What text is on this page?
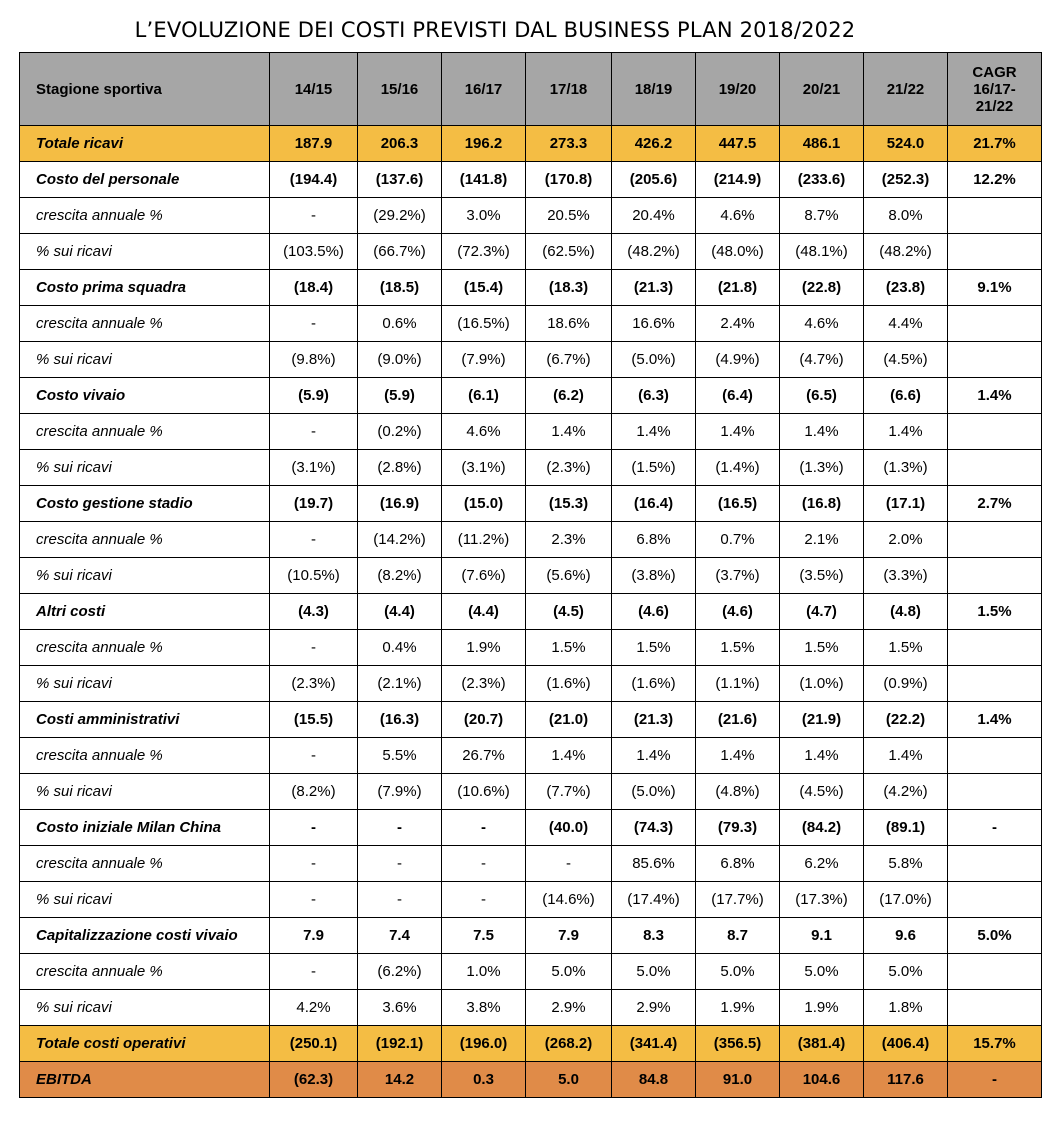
L’EVOLUZIONE DEI COSTI PREVISTI DAL BUSINESS PLAN 2018/2022
Stagione sportiva	14/15	15/16	16/17	17/18	18/19	19/20	20/21	21/22	CAGR
16/17-
21/22
Totale ricavi	187.9	206.3	196.2	273.3	426.2	447.5	486.1	524.0	21.7%
Costo del personale	(194.4)	(137.6)	(141.8)	(170.8)	(205.6)	(214.9)	(233.6)	(252.3)	12.2%
crescita annuale %	-	(29.2%)	3.0%	20.5%	20.4%	4.6%	8.7%	8.0%	
% sui ricavi	(103.5%)	(66.7%)	(72.3%)	(62.5%)	(48.2%)	(48.0%)	(48.1%)	(48.2%)	
Costo prima squadra	(18.4)	(18.5)	(15.4)	(18.3)	(21.3)	(21.8)	(22.8)	(23.8)	9.1%
crescita annuale %	-	0.6%	(16.5%)	18.6%	16.6%	2.4%	4.6%	4.4%	
% sui ricavi	(9.8%)	(9.0%)	(7.9%)	(6.7%)	(5.0%)	(4.9%)	(4.7%)	(4.5%)	
Costo vivaio	(5.9)	(5.9)	(6.1)	(6.2)	(6.3)	(6.4)	(6.5)	(6.6)	1.4%
crescita annuale %	-	(0.2%)	4.6%	1.4%	1.4%	1.4%	1.4%	1.4%	
% sui ricavi	(3.1%)	(2.8%)	(3.1%)	(2.3%)	(1.5%)	(1.4%)	(1.3%)	(1.3%)	
Costo gestione stadio	(19.7)	(16.9)	(15.0)	(15.3)	(16.4)	(16.5)	(16.8)	(17.1)	2.7%
crescita annuale %	-	(14.2%)	(11.2%)	2.3%	6.8%	0.7%	2.1%	2.0%	
% sui ricavi	(10.5%)	(8.2%)	(7.6%)	(5.6%)	(3.8%)	(3.7%)	(3.5%)	(3.3%)	
Altri costi	(4.3)	(4.4)	(4.4)	(4.5)	(4.6)	(4.6)	(4.7)	(4.8)	1.5%
crescita annuale %	-	0.4%	1.9%	1.5%	1.5%	1.5%	1.5%	1.5%	
% sui ricavi	(2.3%)	(2.1%)	(2.3%)	(1.6%)	(1.6%)	(1.1%)	(1.0%)	(0.9%)	
Costi amministrativi	(15.5)	(16.3)	(20.7)	(21.0)	(21.3)	(21.6)	(21.9)	(22.2)	1.4%
crescita annuale %	-	5.5%	26.7%	1.4%	1.4%	1.4%	1.4%	1.4%	
% sui ricavi	(8.2%)	(7.9%)	(10.6%)	(7.7%)	(5.0%)	(4.8%)	(4.5%)	(4.2%)	
Costo iniziale Milan China	-	-	-	(40.0)	(74.3)	(79.3)	(84.2)	(89.1)	-
crescita annuale %	-	-	-	-	85.6%	6.8%	6.2%	5.8%	
% sui ricavi	-	-	-	(14.6%)	(17.4%)	(17.7%)	(17.3%)	(17.0%)	
Capitalizzazione costi vivaio	7.9	7.4	7.5	7.9	8.3	8.7	9.1	9.6	5.0%
crescita annuale %	-	(6.2%)	1.0%	5.0%	5.0%	5.0%	5.0%	5.0%	
% sui ricavi	4.2%	3.6%	3.8%	2.9%	2.9%	1.9%	1.9%	1.8%	
Totale costi operativi	(250.1)	(192.1)	(196.0)	(268.2)	(341.4)	(356.5)	(381.4)	(406.4)	15.7%
EBITDA	(62.3)	14.2	0.3	5.0	84.8	91.0	104.6	117.6	-
